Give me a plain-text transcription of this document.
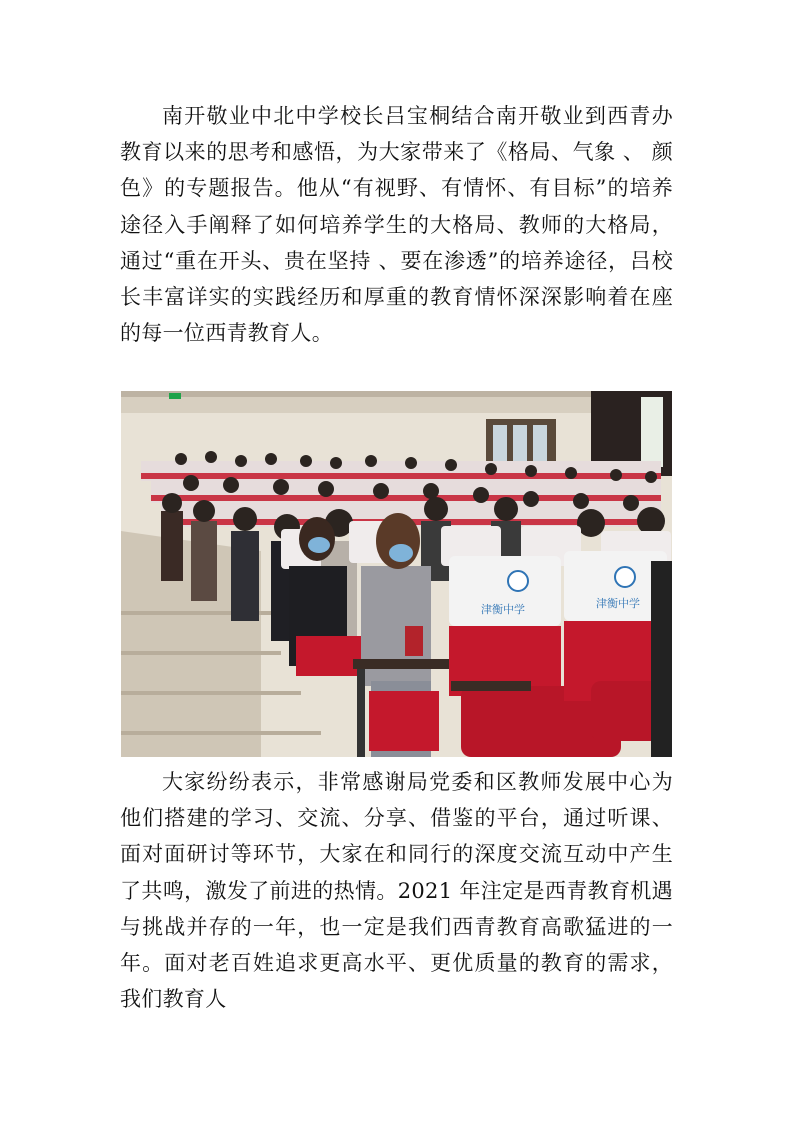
南开敬业中北中学校长吕宝桐结合南开敬业到西青办教育以来的思考和感悟，为大家带来了《格局、气象 、 颜色》的专题报告。他从“有视野、有情怀、有目标”的培养途径入手阐释了如何培养学生的大格局、教师的大格局，通过“重在开头、贵在坚持 、要在渗透”的培养途径，吕校长丰富详实的实践经历和厚重的教育情怀深深影响着在座的每一位西青教育人。

津衡中学	津衡中学

大家纷纷表示，非常感谢局党委和区教师发展中心为他们搭建的学习、交流、分享、借鉴的平台，通过听课、面对面研讨等环节，大家在和同行的深度交流互动中产生了共鸣，激发了前进的热情。2021 年注定是西青教育机遇与挑战并存的一年，也一定是我们西青教育高歌猛进的一年。面对老百姓追求更高水平、更优质量的教育的需求，我们教育人
